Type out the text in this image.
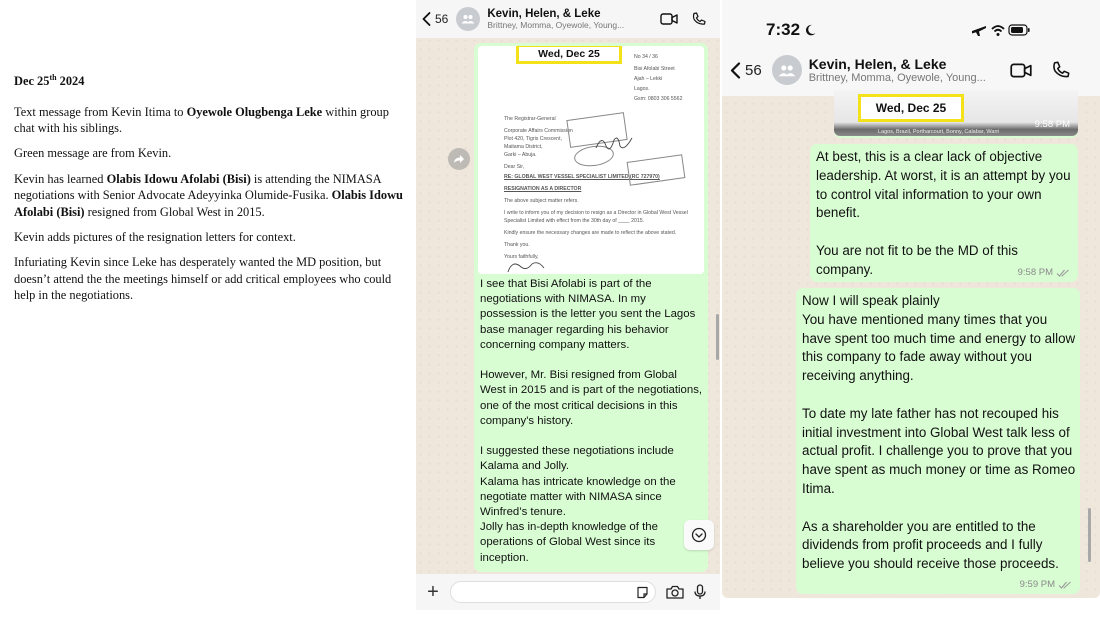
Dec 25th 2024

Text message from Kevin Itima to Oyewole Olugbenga Leke within group chat with his siblings.

Green message are from Kevin.

Kevin has learned Olabis Idowu Afolabi (Bisi) is attending the NIMASA negotiations with Senior Advocate Adeyyinka Olumide-Fusika. Olabis Idowu Afolabi (Bisi) resigned from Global West in 2015.

Kevin adds pictures of the resignation letters for context.

Infuriating Kevin since Leke has desperately wanted the MD position, but doesn’t attend the the meetings himself or add critical employees who could help in the negotiations.

56	Kevin, Helen, & Leke
Brittney, Momma, Oyewole, Young...
Wed, Dec 25	No 34 / 36
Bisi Afolabi Street
Ajah – Lekki
Lagos.
Gsm: 0803 306 5562
The Registrar-General
Corporate Affairs Commission
Plot 420, Tigris Crescent,
Maitama District,
Garki – Abuja.
Dear Sir,
RE: GLOBAL WEST VESSEL SPECIALIST LIMITED (RC 727970)
RESIGNATION AS A DIRECTOR
The above subject matter refers.
I write to inform you of my decision to resign as a Director in Global West Vessel
Specialist Limited with effect from the 30th day of ____ 2015.
Kindly ensure the necessary changes are made to reflect the above stated.
Thank you.
Yours faithfully,
I see that Bisi Afolabi is part of the negotiations with NIMASA. In my possession is the letter you sent the Lagos base manager regarding his behavior concerning company matters.

However, Mr. Bisi resigned from Global West in 2015 and is part of the negotiations, one of the most critical decisions in this company's history.

I suggested these negotiations include Kalama and Jolly.
Kalama has intricate knowledge on the negotiate matter with NIMASA since Winfred’s tenure.
Jolly has in-depth knowledge of the operations of Global West since its inception.
+
7:32
56	Kevin, Helen, & Leke
Brittney, Momma, Oyewole, Young...
Wed, Dec 25
Lagos, Brazil, Portharcourt, Bonny, Calabar, Warri
9:58 PM
At best, this is a clear lack of objective leadership. At worst, it is an attempt by you to control vital information to your own benefit.

You are not fit to be the MD of this company.	9:58 PM
Now I will speak plainly
You have mentioned many times that you have spent too much time and energy to allow this company to fade away without you receiving anything.

To date my late father has not recouped his initial investment into Global West talk less of actual profit. I challenge you to prove that you have spent as much money or time as Romeo Itima.

As a shareholder you are entitled to the dividends from profit proceeds and I fully believe you should receive those proceeds.
9:59 PM
